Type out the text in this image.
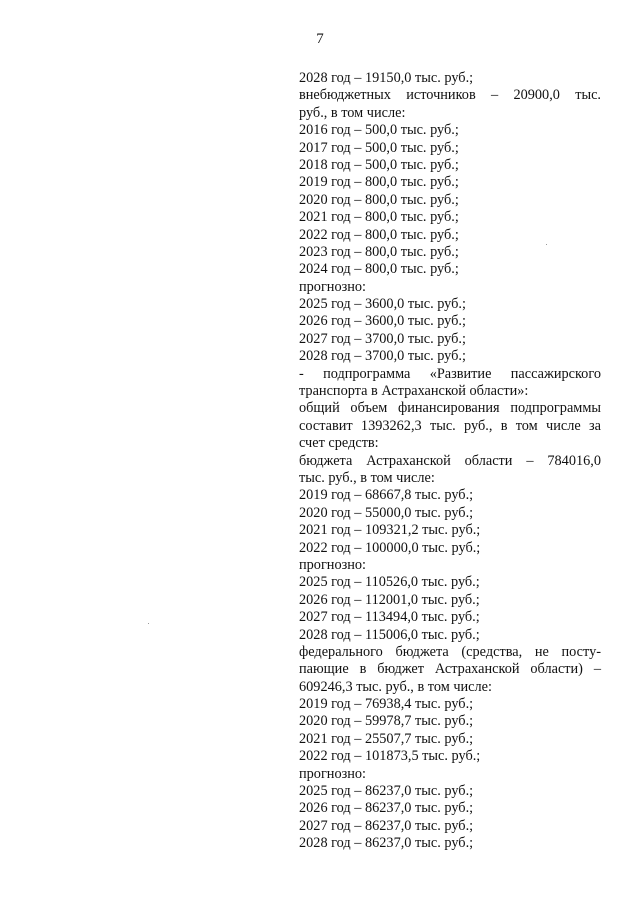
7
2028 год – 19150,0 тыс. руб.;
внебюджетных источников – 20900,0 тыс.
руб., в том числе:
2016 год – 500,0 тыс. руб.;
2017 год – 500,0 тыс. руб.;
2018 год – 500,0 тыс. руб.;
2019 год – 800,0 тыс. руб.;
2020 год – 800,0 тыс. руб.;
2021 год – 800,0 тыс. руб.;
2022 год – 800,0 тыс. руб.;
2023 год – 800,0 тыс. руб.;
2024 год – 800,0 тыс. руб.;
прогнозно:
2025 год – 3600,0 тыс. руб.;
2026 год – 3600,0 тыс. руб.;
2027 год – 3700,0 тыс. руб.;
2028 год – 3700,0 тыс. руб.;
- подпрограмма «Развитие пассажирского
транспорта в Астраханской области»:
общий объем финансирования подпрограммы
составит 1393262,3 тыс. руб., в том числе за
счет средств:
бюджета Астраханской области – 784016,0
тыс. руб., в том числе:
2019 год – 68667,8 тыс. руб.;
2020 год – 55000,0 тыс. руб.;
2021 год – 109321,2 тыс. руб.;
2022 год – 100000,0 тыс. руб.;
прогнозно:
2025 год – 110526,0 тыс. руб.;
2026 год – 112001,0 тыс. руб.;
2027 год – 113494,0 тыс. руб.;
2028 год – 115006,0 тыс. руб.;
федерального бюджета (средства, не посту-
пающие в бюджет Астраханской области) –
609246,3 тыс. руб., в том числе:
2019 год – 76938,4 тыс. руб.;
2020 год – 59978,7 тыс. руб.;
2021 год – 25507,7 тыс. руб.;
2022 год – 101873,5 тыс. руб.;
прогнозно:
2025 год – 86237,0 тыс. руб.;
2026 год – 86237,0 тыс. руб.;
2027 год – 86237,0 тыс. руб.;
2028 год – 86237,0 тыс. руб.;
